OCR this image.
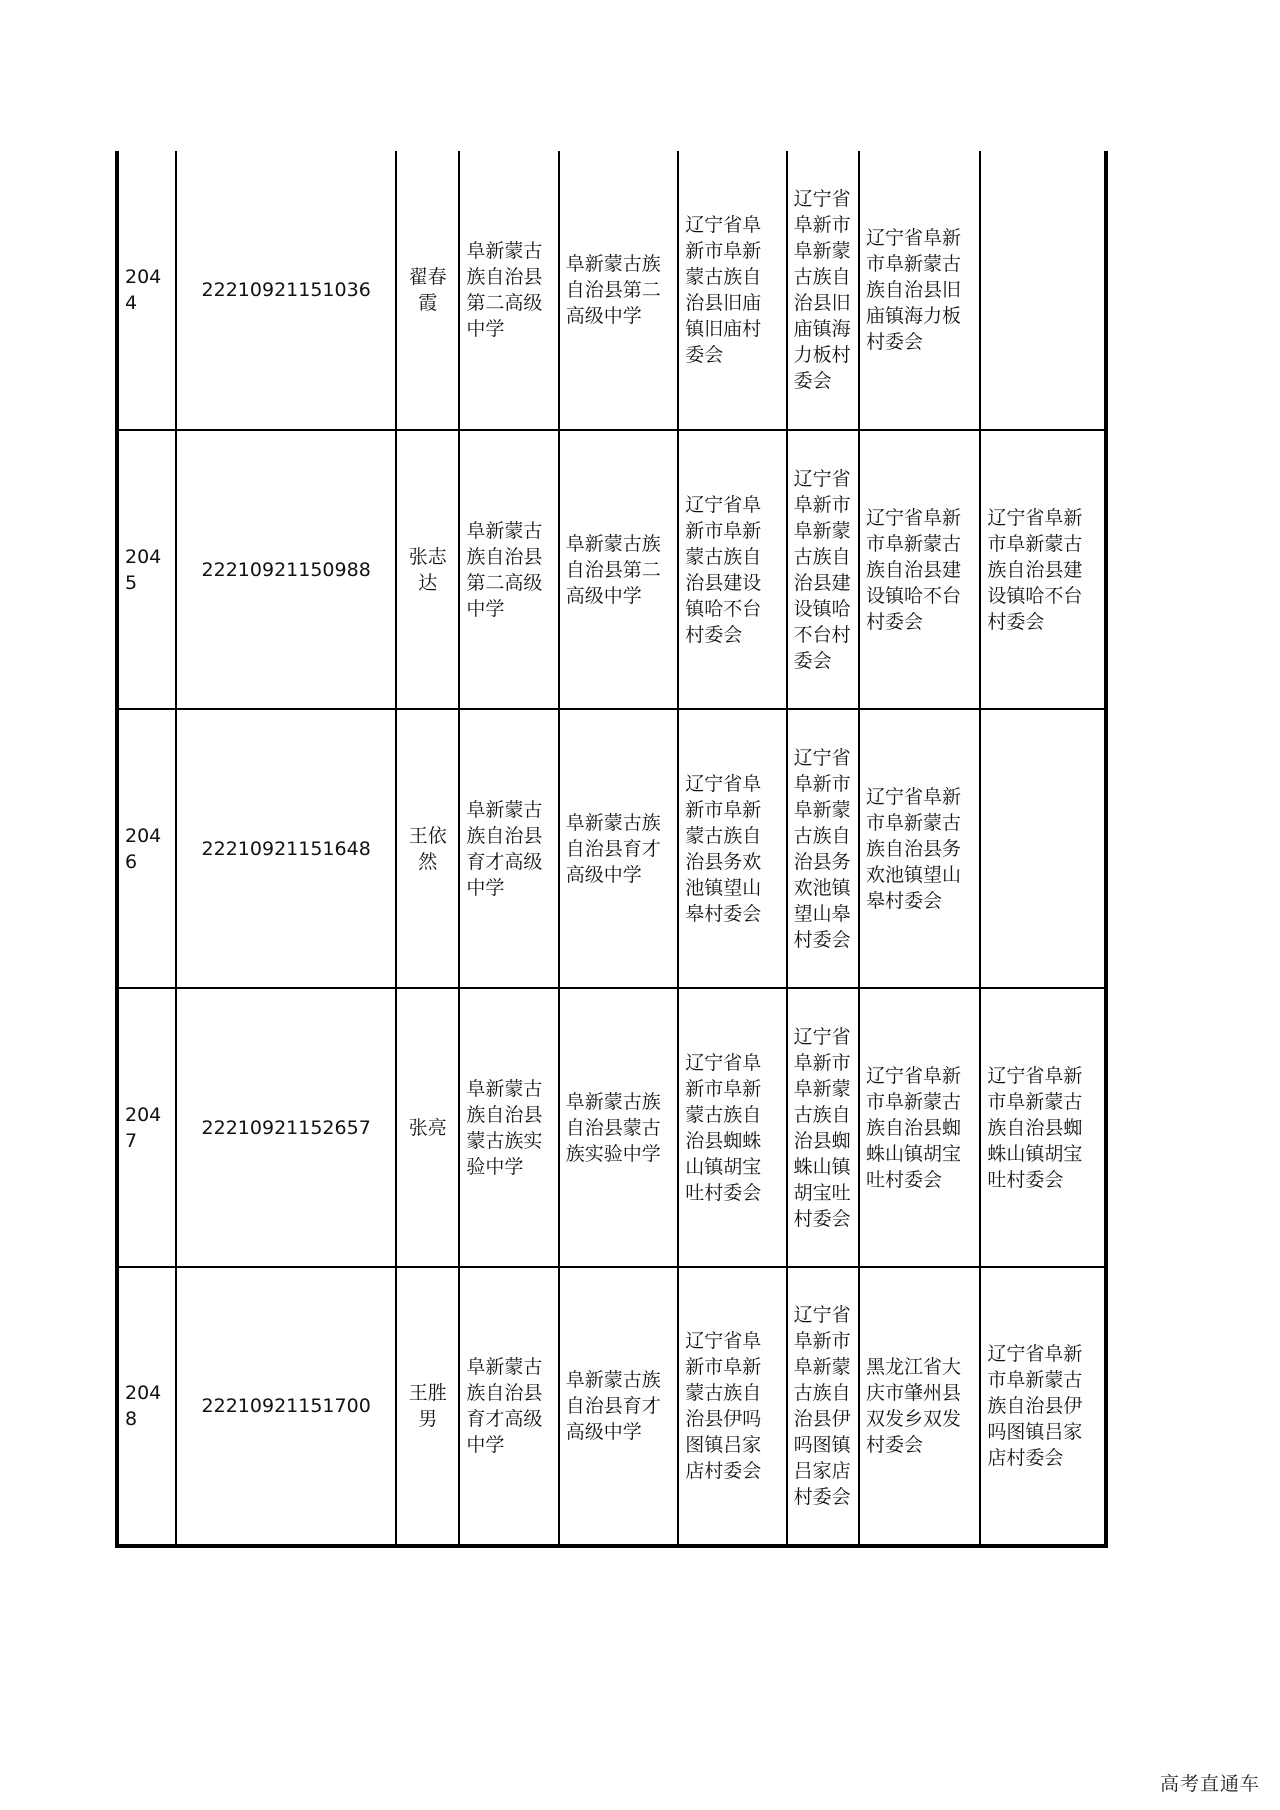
2044	22210921151036	翟春霞	阜新蒙古族自治县第二高级中学	阜新蒙古族自治县第二高级中学	辽宁省阜新市阜新蒙古族自治县旧庙镇旧庙村委会	辽宁省阜新市阜新蒙古族自治县旧庙镇海力板村委会	辽宁省阜新市阜新蒙古族自治县旧庙镇海力板村委会	
2045	22210921150988	张志达	阜新蒙古族自治县第二高级中学	阜新蒙古族自治县第二高级中学	辽宁省阜新市阜新蒙古族自治县建设镇哈不台村委会	辽宁省阜新市阜新蒙古族自治县建设镇哈不台村委会	辽宁省阜新市阜新蒙古族自治县建设镇哈不台村委会	辽宁省阜新市阜新蒙古族自治县建设镇哈不台村委会
2046	22210921151648	王依然	阜新蒙古族自治县育才高级中学	阜新蒙古族自治县育才高级中学	辽宁省阜新市阜新蒙古族自治县务欢池镇望山皋村委会	辽宁省阜新市阜新蒙古族自治县务欢池镇望山皋村委会	辽宁省阜新市阜新蒙古族自治县务欢池镇望山皋村委会	
2047	22210921152657	张亮	阜新蒙古族自治县蒙古族实验中学	阜新蒙古族自治县蒙古族实验中学	辽宁省阜新市阜新蒙古族自治县蜘蛛山镇胡宝吐村委会	辽宁省阜新市阜新蒙古族自治县蜘蛛山镇胡宝吐村委会	辽宁省阜新市阜新蒙古族自治县蜘蛛山镇胡宝吐村委会	辽宁省阜新市阜新蒙古族自治县蜘蛛山镇胡宝吐村委会
2048	22210921151700	王胜男	阜新蒙古族自治县育才高级中学	阜新蒙古族自治县育才高级中学	辽宁省阜新市阜新蒙古族自治县伊吗图镇吕家店村委会	辽宁省阜新市阜新蒙古族自治县伊吗图镇吕家店村委会	黑龙江省大庆市肇州县双发乡双发村委会	辽宁省阜新市阜新蒙古族自治县伊吗图镇吕家店村委会
高考直通车
